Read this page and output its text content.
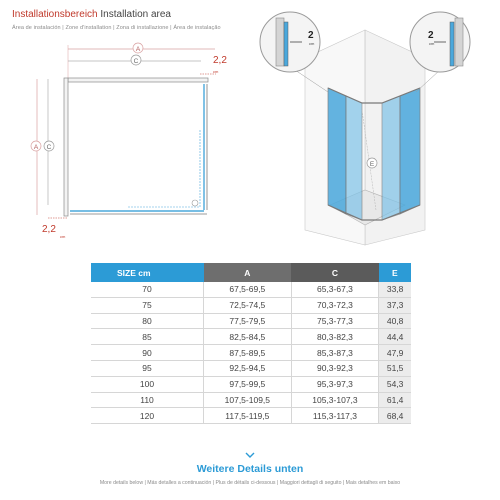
Installationsbereich Installation area
Área de instalación | Zone d'installation | Zona di installazione | Área de instalação
A
C	2,2
cm
A C
2,2
cm
E
2
cm
2
cm
SIZE cm	A	C	E
70	67,5-69,5	65,3-67,3	33,8
75	72,5-74,5	70,3-72,3	37,3
80	77,5-79,5	75,3-77,3	40,8
85	82,5-84,5	80,3-82,3	44,4
90	87,5-89,5	85,3-87,3	47,9
95	92,5-94,5	90,3-92,3	51,5
100	97,5-99,5	95,3-97,3	54,3
110	107,5-109,5	105,3-107,3	61,4
120	117,5-119,5	115,3-117,3	68,4
Weitere Details unten
More details below | Más detalles a continuación | Plus de détails ci-dessous | Maggiori dettagli di seguito | Mais detalhes em baixo
